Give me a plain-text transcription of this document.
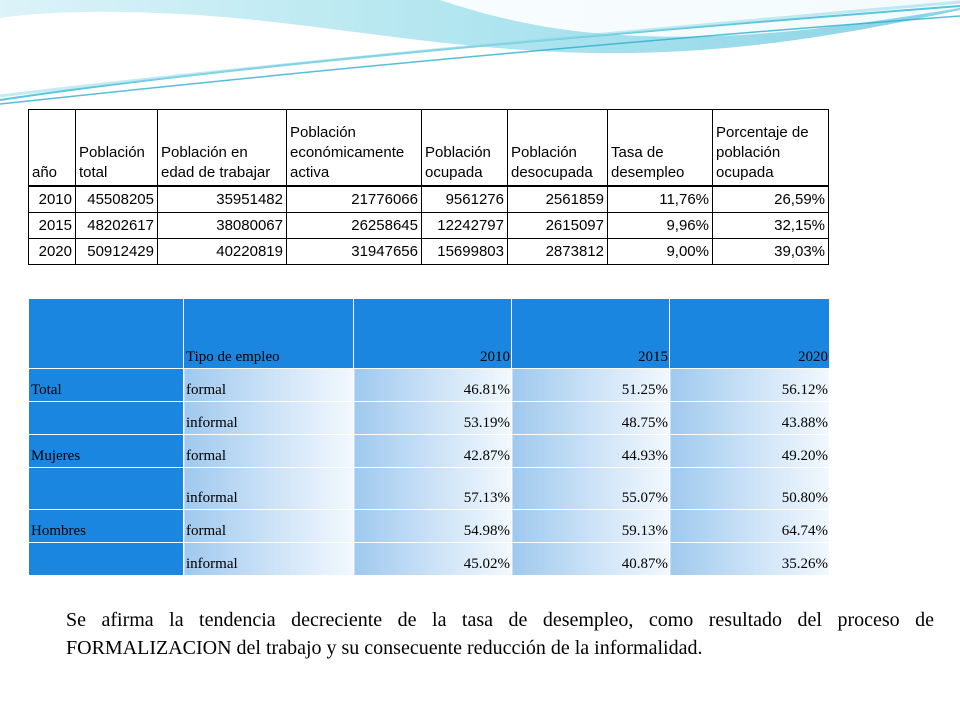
año	Población total	Población en edad de trabajar	Población económicamente activa	Población ocupada	Población desocupada	Tasa de desempleo	Porcentaje de población ocupada
2010	45508205	35951482	21776066	9561276	2561859	11,76%	26,59%
2015	48202617	38080067	26258645	12242797	2615097	9,96%	32,15%
2020	50912429	40220819	31947656	15699803	2873812	9,00%	39,03%
	Tipo de empleo	2010	2015	2020
Total	formal	46.81%	51.25%	56.12%
	informal	53.19%	48.75%	43.88%
Mujeres	formal	42.87%	44.93%	49.20%
	informal	57.13%	55.07%	50.80%
Hombres	formal	54.98%	59.13%	64.74%
	informal	45.02%	40.87%	35.26%

Se afirma la tendencia decreciente de la tasa de desempleo, como resultado del proceso de FORMALIZACION del trabajo y su consecuente reducción de la informalidad.
